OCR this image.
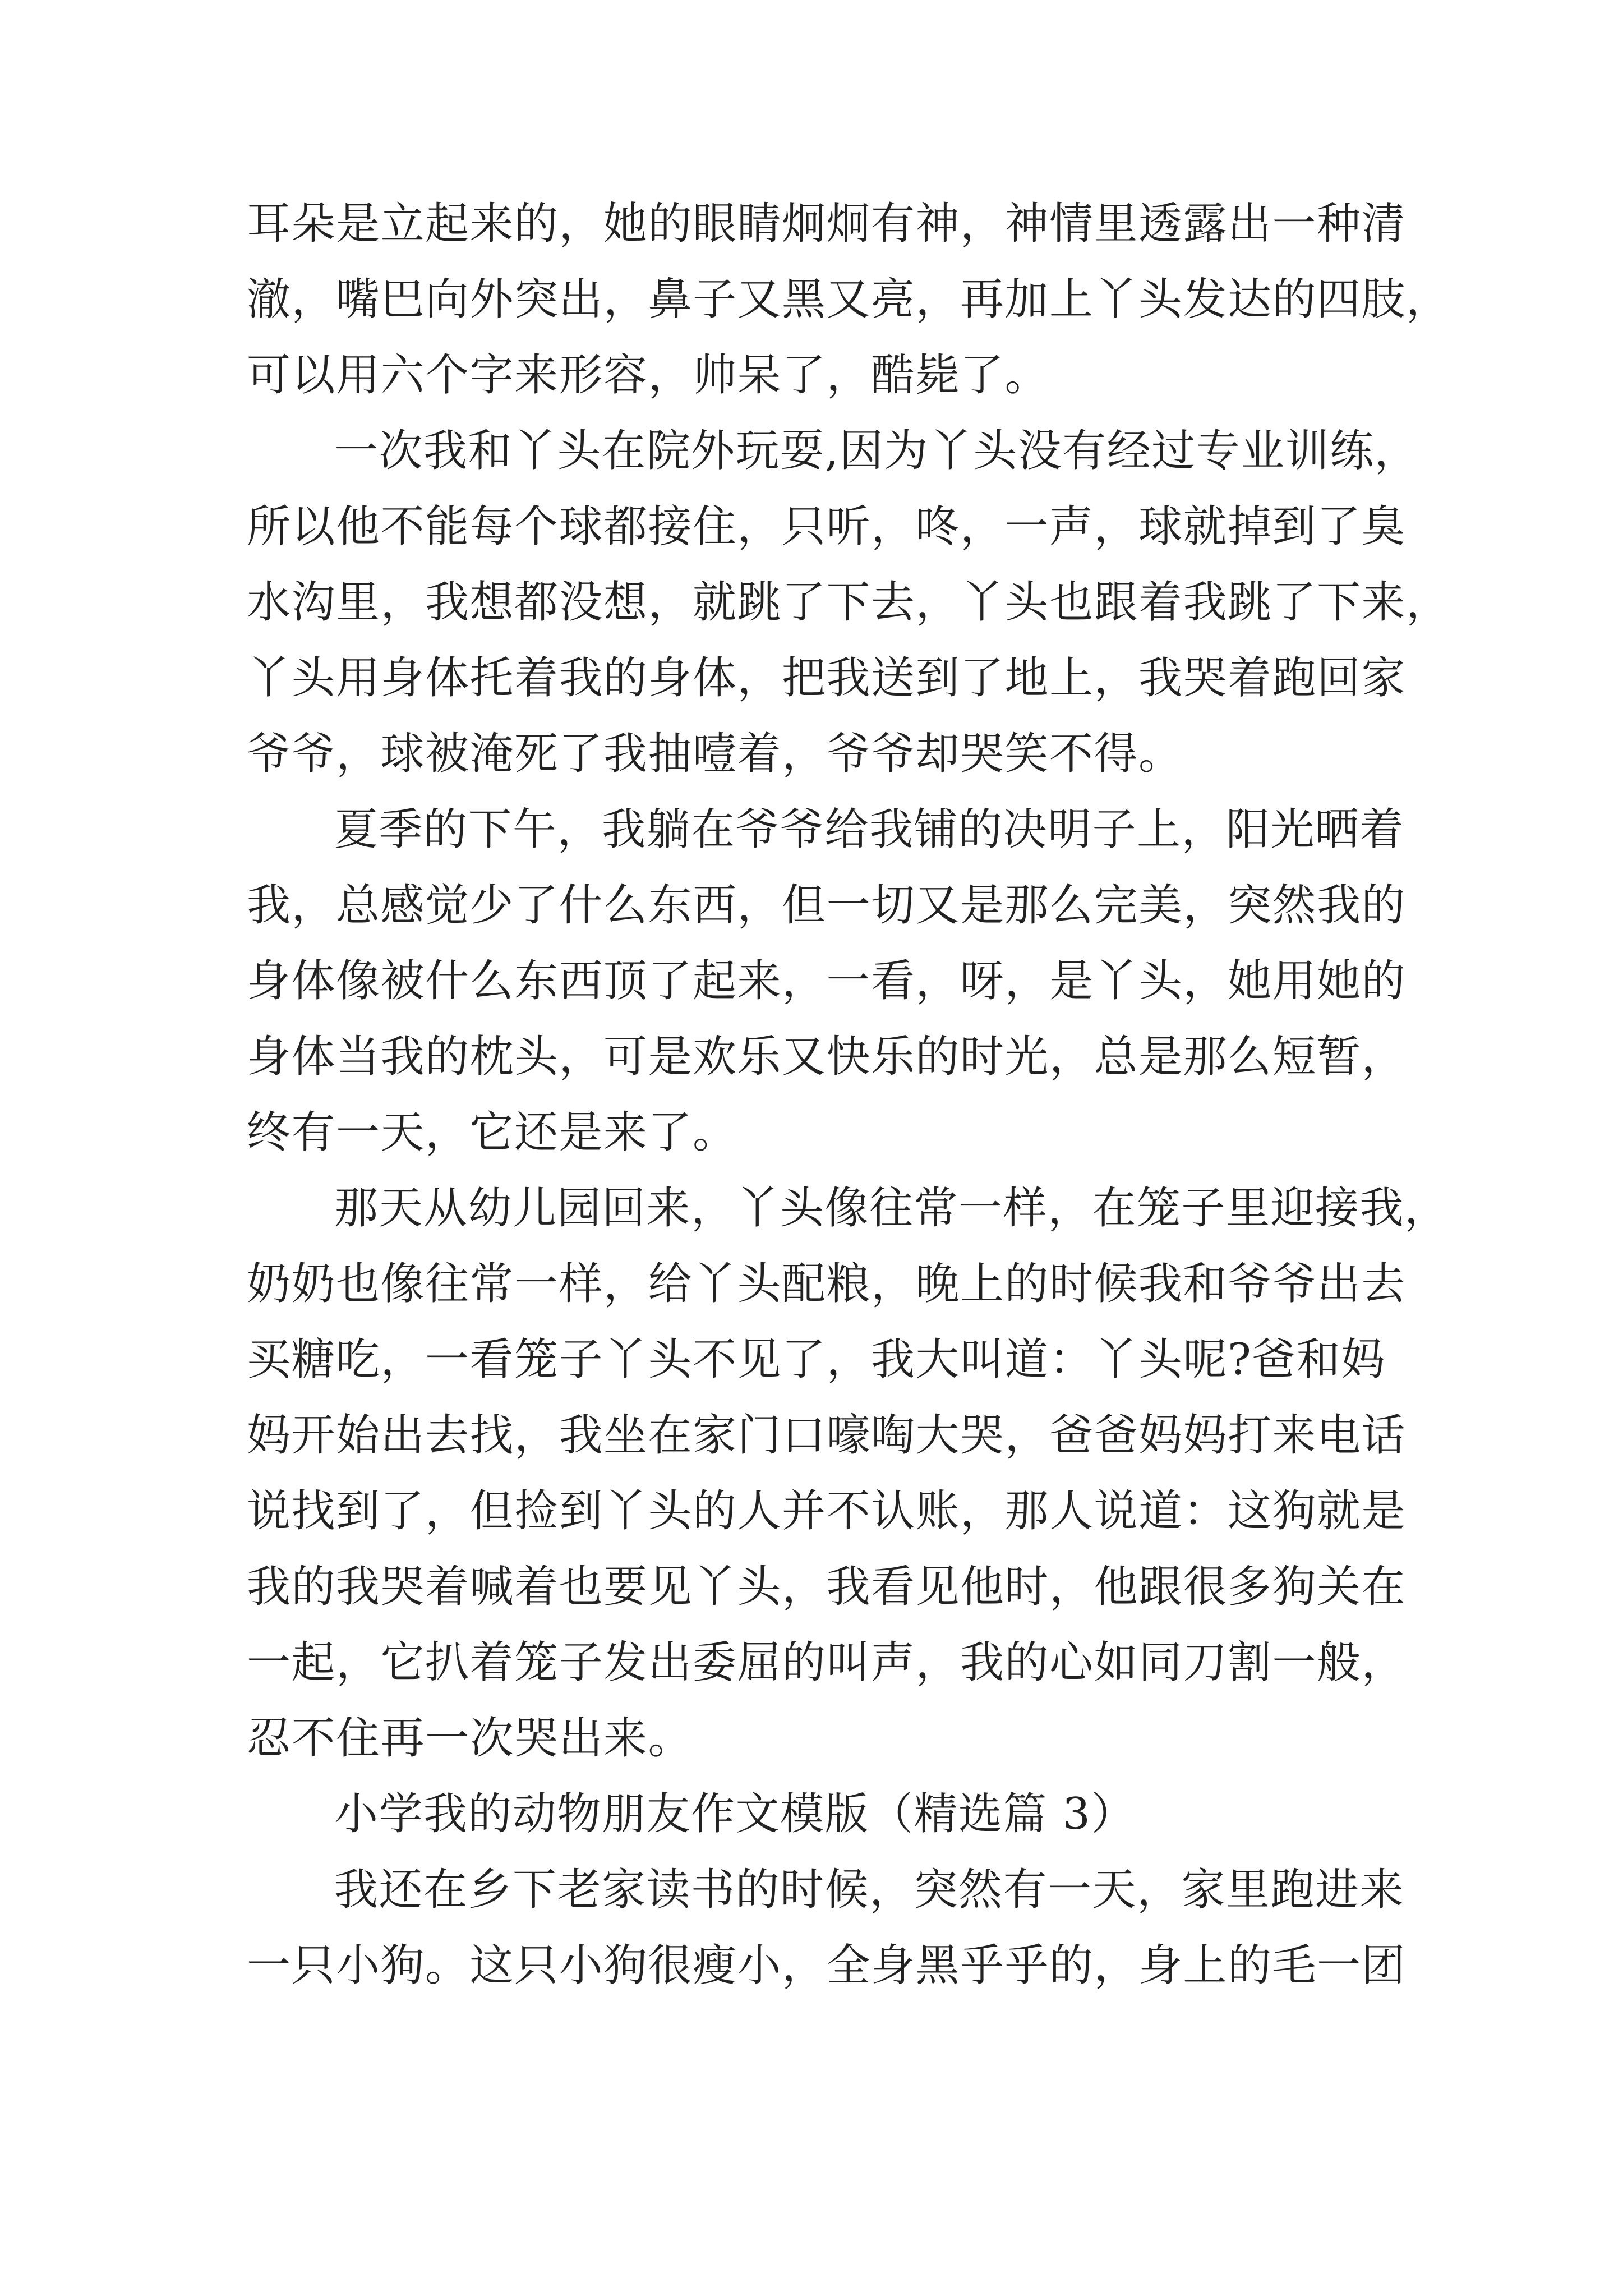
耳朵是立起来的，她的眼睛炯炯有神，神情里透露出一种清
澈，嘴巴向外突出，鼻子又黑又亮，再加上丫头发达的四肢，
可以用六个字来形容，帅呆了，酷毙了。
一次我和丫头在院外玩耍,因为丫头没有经过专业训练，
所以他不能每个球都接住，只听，咚，一声，球就掉到了臭
水沟里，我想都没想，就跳了下去，丫头也跟着我跳了下来，
丫头用身体托着我的身体，把我送到了地上，我哭着跑回家
爷爷，球被淹死了我抽噎着，爷爷却哭笑不得。
夏季的下午，我躺在爷爷给我铺的决明子上，阳光晒着
我，总感觉少了什么东西，但一切又是那么完美，突然我的
身体像被什么东西顶了起来，一看，呀，是丫头，她用她的
身体当我的枕头，可是欢乐又快乐的时光，总是那么短暂，
终有一天，它还是来了。
那天从幼儿园回来，丫头像往常一样，在笼子里迎接我，
奶奶也像往常一样，给丫头配粮，晚上的时候我和爷爷出去
买糖吃，一看笼子丫头不见了，我大叫道：丫头呢?爸和妈
妈开始出去找，我坐在家门口嚎啕大哭，爸爸妈妈打来电话
说找到了，但捡到丫头的人并不认账，那人说道：这狗就是
我的我哭着喊着也要见丫头，我看见他时，他跟很多狗关在
一起，它扒着笼子发出委屈的叫声，我的心如同刀割一般，
忍不住再一次哭出来。
小学我的动物朋友作文模版（精选篇 3）
我还在乡下老家读书的时候，突然有一天，家里跑进来
一只小狗。这只小狗很瘦小，全身黑乎乎的，身上的毛一团
